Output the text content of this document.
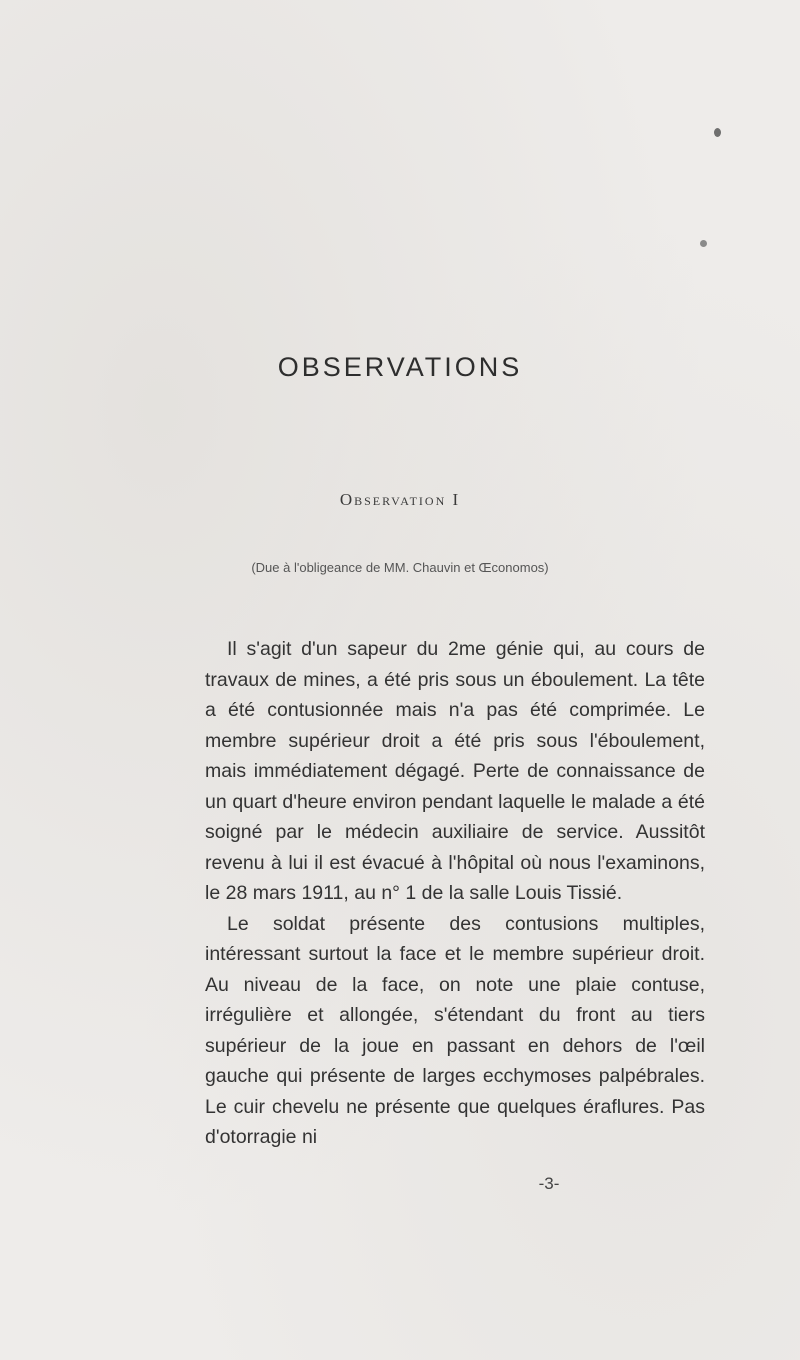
OBSERVATIONS
Observation I
(Due à l'obligeance de MM. Chauvin et Œconomos)

Il s'agit d'un sapeur du 2me génie qui, au cours de travaux de mines, a été pris sous un éboulement. La tête a été contusionnée mais n'a pas été comprimée. Le membre supérieur droit a été pris sous l'éboulement, mais immédiatement dégagé. Perte de connaissance de un quart d'heure environ pendant laquelle le malade a été soigné par le médecin auxiliaire de service. Aussitôt revenu à lui il est évacué à l'hôpital où nous l'examinons, le 28 mars 1911, au n° 1 de la salle Louis Tissié.

Le soldat présente des contusions multiples, intéressant surtout la face et le membre supérieur droit. Au niveau de la face, on note une plaie contuse, irrégulière et allongée, s'étendant du front au tiers supérieur de la joue en passant en dehors de l'œil gauche qui présente de larges ecchymoses palpébrales. Le cuir chevelu ne présente que quelques éraflures. Pas d'otorragie ni

-3-
